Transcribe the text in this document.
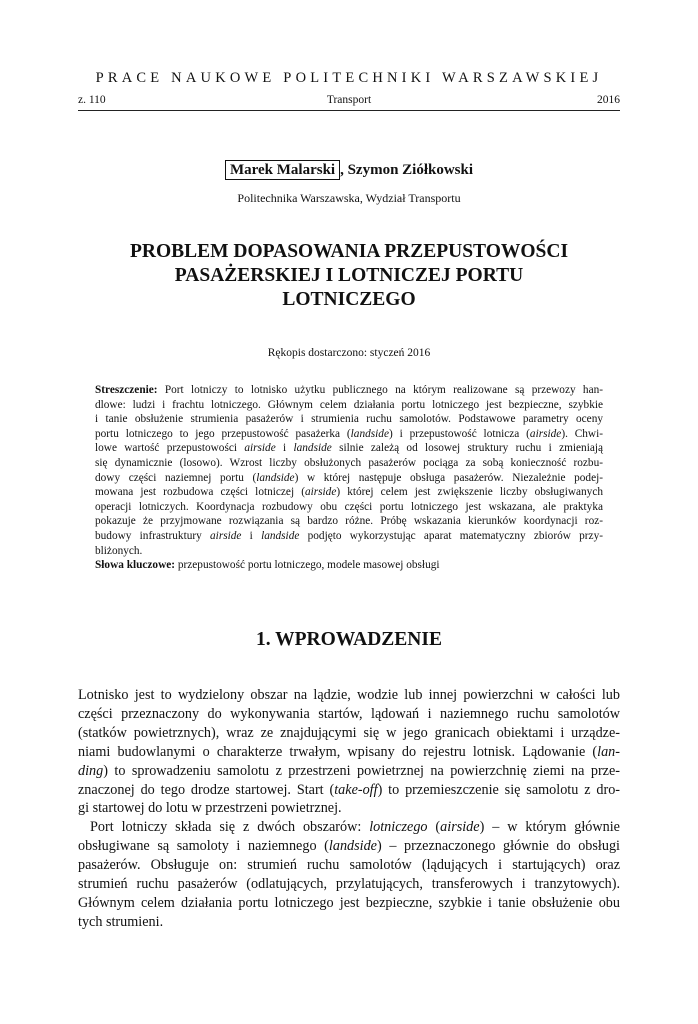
PRACE NAUKOWE POLITECHNIKI WARSZAWSKIEJ
z. 110	Transport	2016
Marek Malarski , Szymon Ziółkowski
Politechnika Warszawska, Wydział Transportu
PROBLEM DOPASOWANIA PRZEPUSTOWOŚCI
PASAŻERSKIEJ I LOTNICZEJ PORTU
LOTNICZEGO
Rękopis dostarczono: styczeń 2016
Streszczenie: Port lotniczy to lotnisko użytku publicznego na którym realizowane są przewozy han-
dlowe: ludzi i frachtu lotniczego. Głównym celem działania portu lotniczego jest bezpieczne, szybkie
i tanie obsłużenie strumienia pasażerów i strumienia ruchu samolotów. Podstawowe parametry oceny
portu lotniczego to jego przepustowość pasażerka (landside) i przepustowość lotnicza (airside). Chwi-
lowe wartość przepustowości airside i landside silnie zależą od losowej struktury ruchu i zmieniają
się dynamicznie (losowo). Wzrost liczby obsłużonych pasażerów pociąga za sobą konieczność rozbu-
dowy części naziemnej portu (landside) w której następuje obsługa pasażerów. Niezależnie podej-
mowana jest rozbudowa części lotniczej (airside) której celem jest zwiększenie liczby obsługiwanych
operacji lotniczych. Koordynacja rozbudowy obu części portu lotniczego jest wskazana, ale praktyka
pokazuje że przyjmowane rozwiązania są bardzo różne. Próbę wskazania kierunków koordynacji roz-
budowy infrastruktury airside i landside podjęto wykorzystując aparat matematyczny zbiorów przy-
bliżonych.
Słowa kluczowe: przepustowość portu lotniczego, modele masowej obsługi
1. WPROWADZENIE
Lotnisko jest to wydzielony obszar na lądzie, wodzie lub innej powierzchni w całości lub
części przeznaczony do wykonywania startów, lądowań i naziemnego ruchu samolotów
(statków powietrznych), wraz ze znajdującymi się w jego granicach obiektami i urządze-
niami budowlanymi o charakterze trwałym, wpisany do rejestru lotnisk. Lądowanie (lan-
ding) to sprowadzeniu samolotu z przestrzeni powietrznej na powierzchnię ziemi na prze-
znaczonej do tego drodze startowej. Start (take-off) to przemieszczenie się samolotu z dro-
gi startowej do lotu w przestrzeni powietrznej.
Port lotniczy składa się z dwóch obszarów: lotniczego (airside) – w którym głównie
obsługiwane są samoloty i naziemnego (landside) – przeznaczonego głównie do obsługi
pasażerów. Obsługuje on: strumień ruchu samolotów (lądujących i startujących) oraz
strumień ruchu pasażerów (odlatujących, przylatujących, transferowych i tranzytowych).
Głównym celem działania portu lotniczego jest bezpieczne, szybkie i tanie obsłużenie obu
tych strumieni.
